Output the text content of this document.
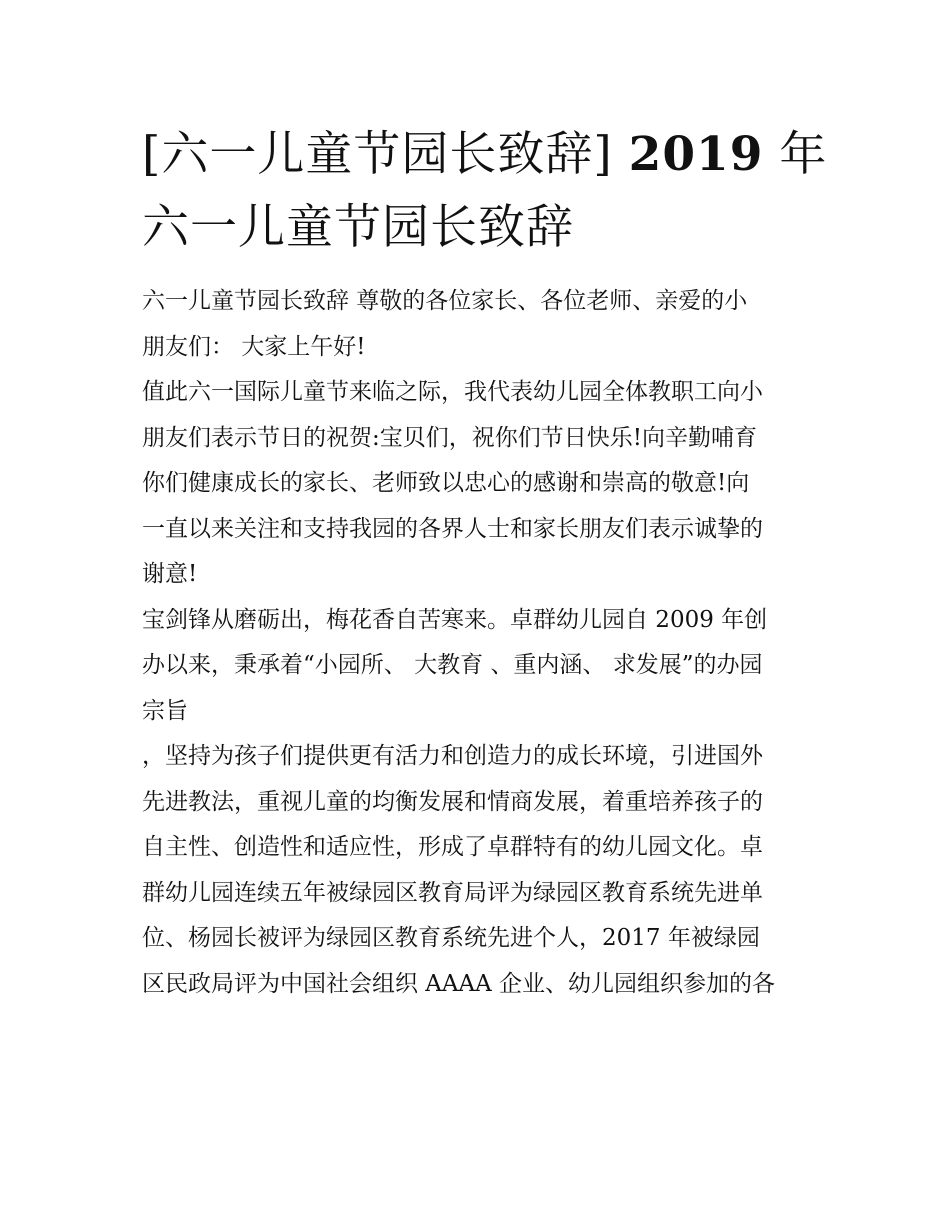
[六一儿童节园长致辞] 2019 年
六一儿童节园长致辞
六一儿童节园长致辞 尊敬的各位家长、各位老师、亲爱的小
朋友们： 大家上午好!
值此六一国际儿童节来临之际，我代表幼儿园全体教职工向小
朋友们表示节日的祝贺:宝贝们，祝你们节日快乐!向辛勤哺育
你们健康成长的家长、老师致以忠心的感谢和崇高的敬意!向
一直以来关注和支持我园的各界人士和家长朋友们表示诚挚的
谢意!
宝剑锋从磨砺出，梅花香自苦寒来。卓群幼儿园自 2009 年创
办以来，秉承着“小园所、 大教育 、重内涵、 求发展”的办园
宗旨
，坚持为孩子们提供更有活力和创造力的成长环境，引进国外
先进教法，重视儿童的均衡发展和情商发展，着重培养孩子的
自主性、创造性和适应性，形成了卓群特有的幼儿园文化。卓
群幼儿园连续五年被绿园区教育局评为绿园区教育系统先进单
位、杨园长被评为绿园区教育系统先进个人，2017 年被绿园
区民政局评为中国社会组织 AAAA 企业、幼儿园组织参加的各
